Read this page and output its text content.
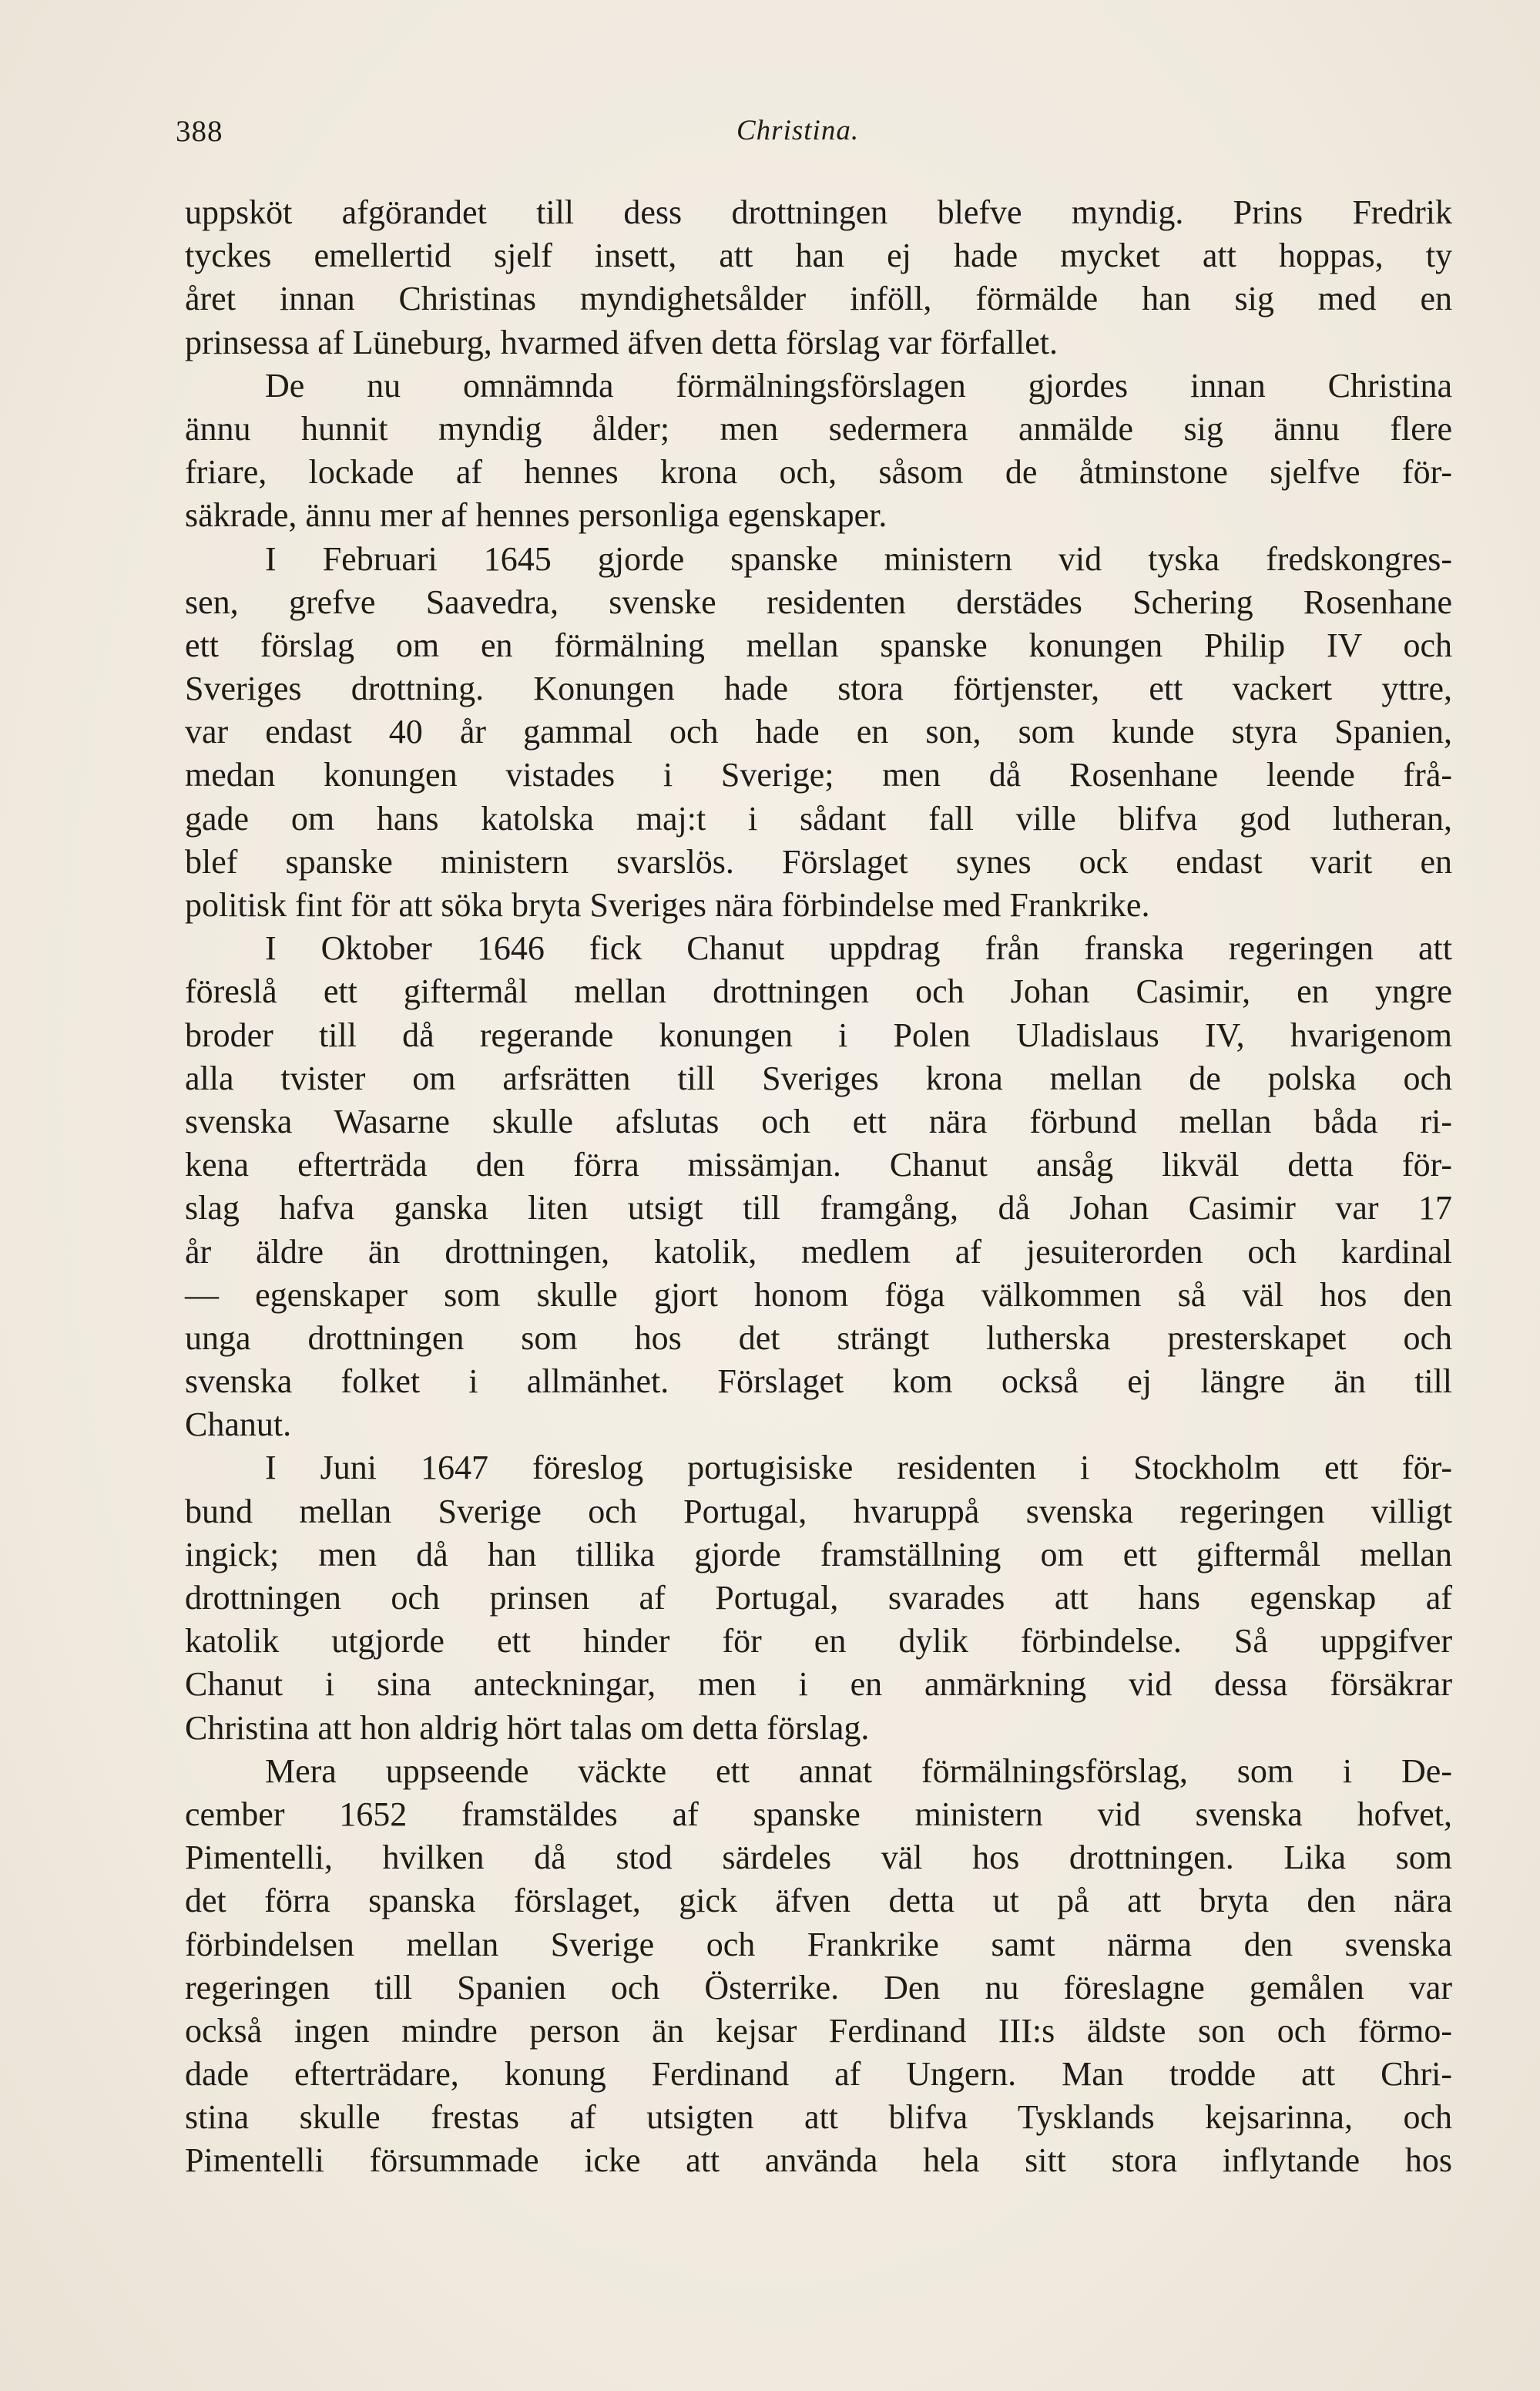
388	Christina.
uppsköt afgörandet till dess drottningen blefve myndig. Prins Fredrik
tyckes emellertid sjelf insett, att han ej hade mycket att hoppas, ty
året innan Christinas myndighetsålder inföll, förmälde han sig med en
prinsessa af Lüneburg, hvarmed äfven detta förslag var förfallet.
De nu omnämnda förmälningsförslagen gjordes innan Christina
ännu hunnit myndig ålder; men sedermera anmälde sig ännu flere
friare, lockade af hennes krona och, såsom de åtminstone sjelfve för-
säkrade, ännu mer af hennes personliga egenskaper.
I Februari 1645 gjorde spanske ministern vid tyska fredskongres-
sen, grefve Saavedra, svenske residenten derstädes Schering Rosenhane
ett förslag om en förmälning mellan spanske konungen Philip IV och
Sveriges drottning. Konungen hade stora förtjenster, ett vackert yttre,
var endast 40 år gammal och hade en son, som kunde styra Spanien,
medan konungen vistades i Sverige; men då Rosenhane leende frå-
gade om hans katolska maj:t i sådant fall ville blifva god lutheran,
blef spanske ministern svarslös. Förslaget synes ock endast varit en
politisk fint för att söka bryta Sveriges nära förbindelse med Frankrike.
I Oktober 1646 fick Chanut uppdrag från franska regeringen att
föreslå ett giftermål mellan drottningen och Johan Casimir, en yngre
broder till då regerande konungen i Polen Uladislaus IV, hvarigenom
alla tvister om arfsrätten till Sveriges krona mellan de polska och
svenska Wasarne skulle afslutas och ett nära förbund mellan båda ri-
kena efterträda den förra missämjan. Chanut ansåg likväl detta för-
slag hafva ganska liten utsigt till framgång, då Johan Casimir var 17
år äldre än drottningen, katolik, medlem af jesuiterorden och kardinal
— egenskaper som skulle gjort honom föga välkommen så väl hos den
unga drottningen som hos det strängt lutherska presterskapet och
svenska folket i allmänhet. Förslaget kom också ej längre än till
Chanut.
I Juni 1647 föreslog portugisiske residenten i Stockholm ett för-
bund mellan Sverige och Portugal, hvaruppå svenska regeringen villigt
ingick; men då han tillika gjorde framställning om ett giftermål mellan
drottningen och prinsen af Portugal, svarades att hans egenskap af
katolik utgjorde ett hinder för en dylik förbindelse. Så uppgifver
Chanut i sina anteckningar, men i en anmärkning vid dessa försäkrar
Christina att hon aldrig hört talas om detta förslag.
Mera uppseende väckte ett annat förmälningsförslag, som i De-
cember 1652 framstäldes af spanske ministern vid svenska hofvet,
Pimentelli, hvilken då stod särdeles väl hos drottningen. Lika som
det förra spanska förslaget, gick äfven detta ut på att bryta den nära
förbindelsen mellan Sverige och Frankrike samt närma den svenska
regeringen till Spanien och Österrike. Den nu föreslagne gemålen var
också ingen mindre person än kejsar Ferdinand III:s äldste son och förmo-
dade efterträdare, konung Ferdinand af Ungern. Man trodde att Chri-
stina skulle frestas af utsigten att blifva Tysklands kejsarinna, och
Pimentelli försummade icke att använda hela sitt stora inflytande hos
